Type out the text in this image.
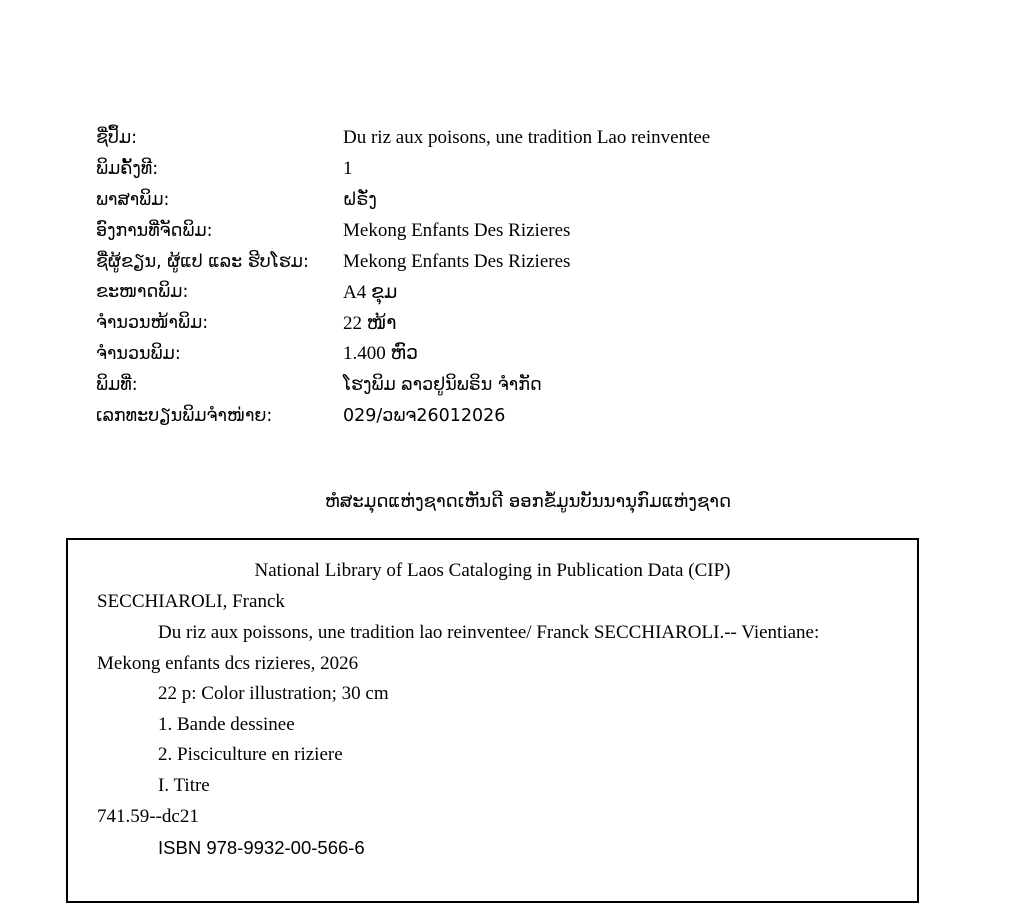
ຊື່ປຶ້ມ:	Du riz aux poisons, une tradition Lao reinventee
ພິມຄັ້ງທີ:	1
ພາສາພິມ:	ຝຣັ່ງ
ອົງການທີ່ຈັດພິມ:	Mekong Enfants Des Rizieres
ຊື່ຜູ້ຂຽນ, ຜູ້ແປ ແລະ ຮີບໂຮມ:	Mekong Enfants Des Rizieres
ຂະໜາດພິມ:	A4 ຂຸມ
ຈຳນວນໜ້າພິມ:	22 ໜ້າ
ຈຳນວນພິມ:	1.400 ຫົວ
ພິມທີ່:	ໂຮງພິມ ລາວຢູນິພຣິນ ຈຳກັດ
ເລກທະບຽນພິມຈຳໜ່າຍ:	029/ວພຈ26012026
ຫໍສະມຸດແຫ່ງຊາດເຫັນດີ ອອກຂໍ້ມູນບັນນານຸກົມແຫ່ງຊາດ
National Library of Laos Cataloging in Publication Data (CIP)
SECCHIAROLI, Franck
Du riz aux poissons, une tradition lao reinventee/ Franck SECCHIAROLI.-- Vientiane:
Mekong enfants dcs rizieres, 2026
22 p: Color illustration; 30 cm
1. Bande dessinee
2. Pisciculture en riziere
I. Titre
741.59--dc21
ISBN 978-9932-00-566-6
